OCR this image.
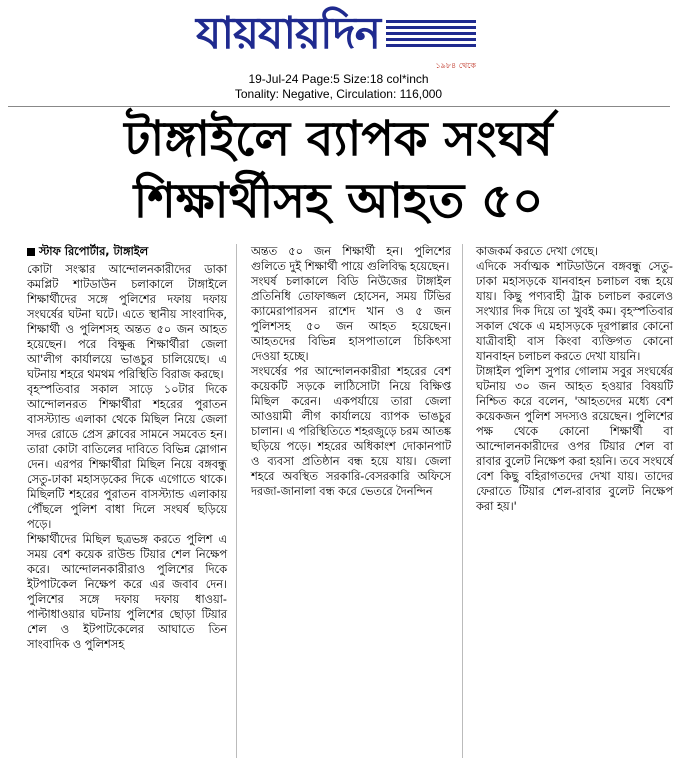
যায়যায়দিন
১৯৮৪ থেকে
19-Jul-24 Page:5 Size:18 col*inch
Tonality: Negative, Circulation: 116,000
টাঙ্গাইলে ব্যাপক সংঘর্ষ
শিক্ষার্থীসহ আহত ৫০
স্টাফ রিপোর্টার, টাঙ্গাইল

কোটা সংস্কার আন্দোলনকারীদের ডাকা কমপ্লিট শাটডাউন চলাকালে টাঙ্গাইলে শিক্ষার্থীদের সঙ্গে পুলিশের দফায় দফায় সংঘর্ষের ঘটনা ঘটে। এতে স্থানীয় সাংবাদিক, শিক্ষার্থী ও পুলিশসহ অন্তত ৫০ জন আহত হয়েছেন। পরে বিক্ষুব্ধ শিক্ষার্থীরা জেলা আ'লীগ কার্যালয়ে ভাঙচুর চালিয়েছে। এ ঘটনায় শহরে থমথম পরিস্থিতি বিরাজ করছে।

বৃহস্পতিবার সকাল সাড়ে ১০টার দিকে আন্দোলনরত শিক্ষার্থীরা শহরের পুরাতন বাসস্ট্যান্ড এলাকা থেকে মিছিল নিয়ে জেলা সদর রোডে প্রেস ক্লাবের সামনে সমবেত হন। তারা কোটা বাতিলের দাবিতে বিভিন্ন স্লোগান দেন। এরপর শিক্ষার্থীরা মিছিল নিয়ে বঙ্গবন্ধু সেতু-ঢাকা মহাসড়কের দিকে এগোতে থাকে। মিছিলটি শহরের পুরাতন বাসস্ট্যান্ড এলাকায় পৌঁছলে পুলিশ বাধা দিলে সংঘর্ষ ছড়িয়ে পড়ে।

শিক্ষার্থীদের মিছিল ছত্রভঙ্গ করতে পুলিশ এ সময় বেশ কয়েক রাউন্ড টিয়ার শেল নিক্ষেপ করে। আন্দোলনকারীরাও পুলিশের দিকে ইটপাটকেল নিক্ষেপ করে এর জবাব দেন। পুলিশের সঙ্গে দফায় দফায় ধাওয়া-পাল্টাধাওয়ার ঘটনায় পুলিশের ছোড়া টিয়ার শেল ও ইটপাটকেলের আঘাতে তিন সাংবাদিক ও পুলিশসহ

অন্তত ৫০ জন শিক্ষার্থী হন। পুলিশের গুলিতে দুই শিক্ষার্থী পায়ে গুলিবিদ্ধ হয়েছেন।

সংঘর্ষ চলাকালে বিডি নিউজের টাঙ্গাইল প্রতিনিধি তোফাজ্জল হোসেন, সময় টিভির ক্যামেরাপারসন রাশেদ খান ও ৫ জন পুলিশসহ ৫০ জন আহত হয়েছেন। আহতদের বিভিন্ন হাসপাতালে চিকিৎসা দেওয়া হচ্ছে।

সংঘর্ষের পর আন্দোলনকারীরা শহরের বেশ কয়েকটি সড়কে লাঠিসোটা নিয়ে বিক্ষিপ্ত মিছিল করেন। একপর্যায়ে তারা জেলা আওয়ামী লীগ কার্যালয়ে ব্যাপক ভাঙচুর চালান। এ পরিস্থিতিতে শহরজুড়ে চরম আতঙ্ক ছড়িয়ে পড়ে। শহরের অধিকাংশ দোকানপাট ও ব্যবসা প্রতিষ্ঠান বন্ধ হয়ে যায়। জেলা শহরে অবস্থিত সরকারি-বেসরকারি অফিসে দরজা-জানালা বন্ধ করে ভেতরে দৈনন্দিন

কাজকর্ম করতে দেখা গেছে।

এদিকে সর্বাত্মক শাটডাউনে বঙ্গবন্ধু সেতু-ঢাকা মহাসড়কে যানবাহন চলাচল বন্ধ হয়ে যায়। কিছু পণ্যবাহী ট্রাক চলাচল করলেও সংখ্যার দিক দিয়ে তা খুবই কম। বৃহস্পতিবার সকাল থেকে এ মহাসড়কে দূরপাল্লার কোনো যাত্রীবাহী বাস কিংবা ব্যক্তিগত কোনো যানবাহন চলাচল করতে দেখা যায়নি।

টাঙ্গাইল পুলিশ সুপার গোলাম সবুর সংঘর্ষের ঘটনায় ৩০ জন আহত হওয়ার বিষয়টি নিশ্চিত করে বলেন, 'আহতদের মধ্যে বেশ কয়েকজন পুলিশ সদস্যও রয়েছেন। পুলিশের পক্ষ থেকে কোনো শিক্ষার্থী বা আন্দোলনকারীদের ওপর টিয়ার শেল বা রাবার বুলেট নিক্ষেপ করা হয়নি। তবে সংঘর্ষে বেশ কিছু বহিরাগতদের দেখা যায়। তাদের ফেরাতে টিয়ার শেল-রাবার বুলেট নিক্ষেপ করা হয়।'
